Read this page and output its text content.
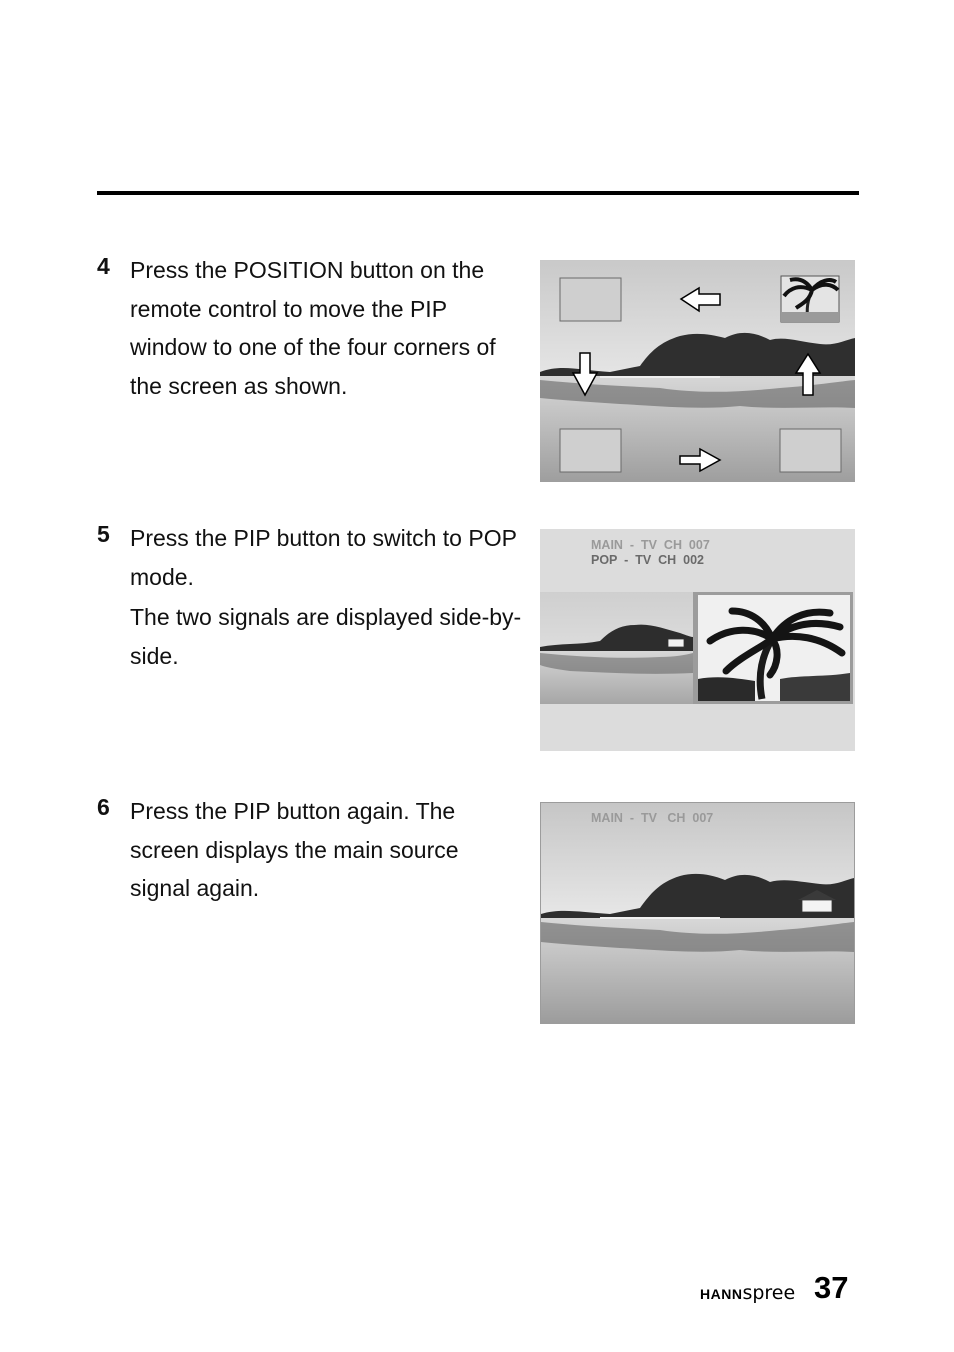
4 Press the POSITION button on the remote control to move the PIP window to one of the four corners of the screen as shown.

5 Press the PIP button to switch to POP mode.

The two signals are displayed side-by-side.

6 Press the PIP button again. The screen displays the main source signal again.

MAIN  -  TV  CH  007
POP  -  TV  CH  002
MAIN  -  TV   CH  007
HANNspree 37
